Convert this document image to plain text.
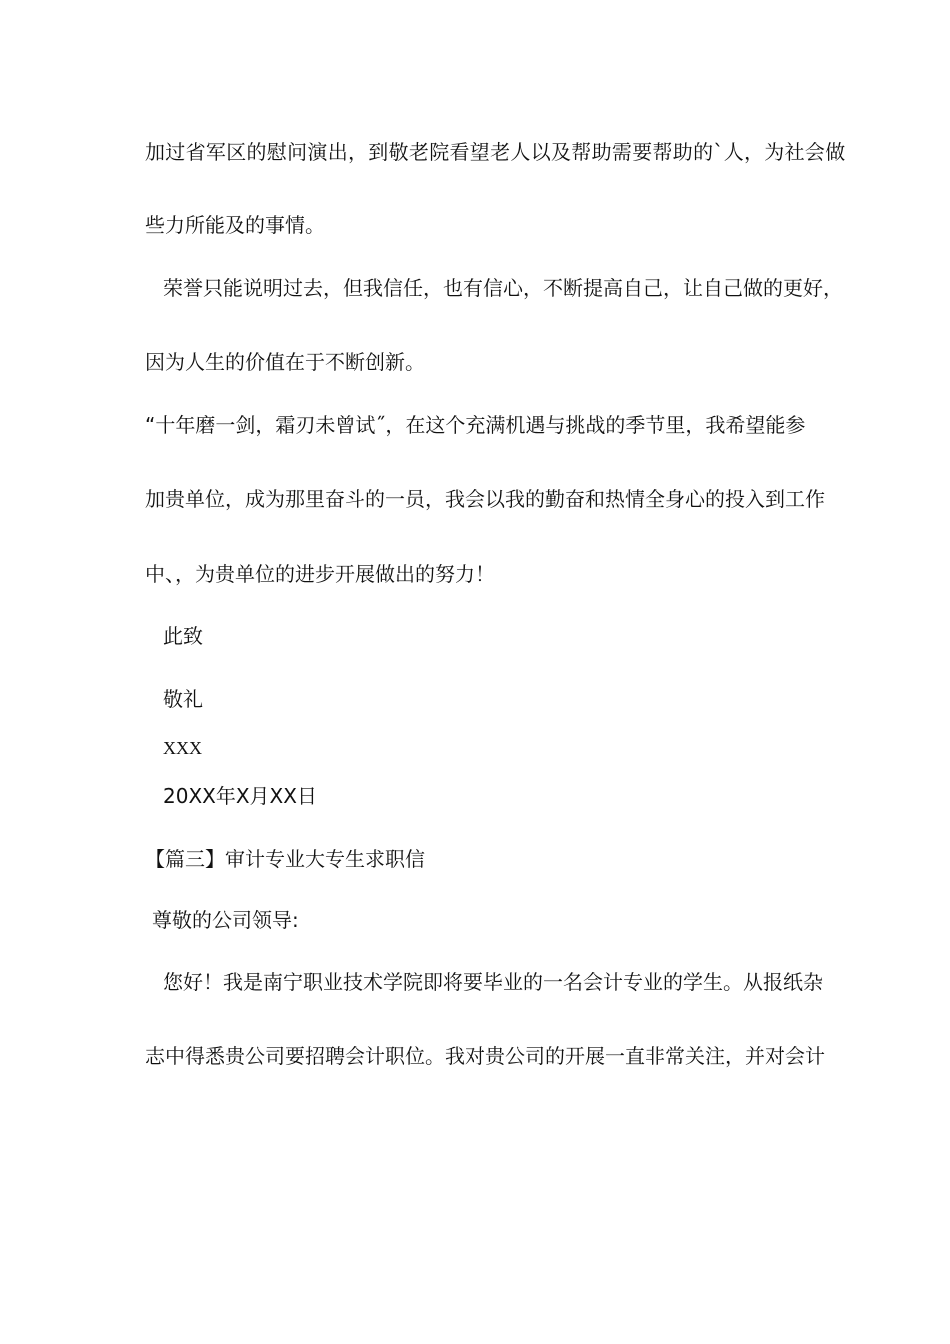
加过省军区的慰问演出，到敬老院看望老人以及帮助需要帮助的`人，为社会做
些力所能及的事情。
荣誉只能说明过去，但我信任，也有信心，不断提高自己，让自己做的更好，
因为人生的价值在于不断创新。
“十年磨一剑，霜刃未曾试˝，在这个充满机遇与挑战的季节里，我希望能参
加贵单位，成为那里奋斗的一员，我会以我的勤奋和热情全身心的投入到工作
中、，为贵单位的进步开展做出的努力！
此致
敬礼
XXX
20XX年X月XX日
【篇三】审计专业大专生求职信
尊敬的公司领导:
您好！我是南宁职业技术学院即将要毕业的一名会计专业的学生。从报纸杂
志中得悉贵公司要招聘会计职位。我对贵公司的开展一直非常关注，并对会计
